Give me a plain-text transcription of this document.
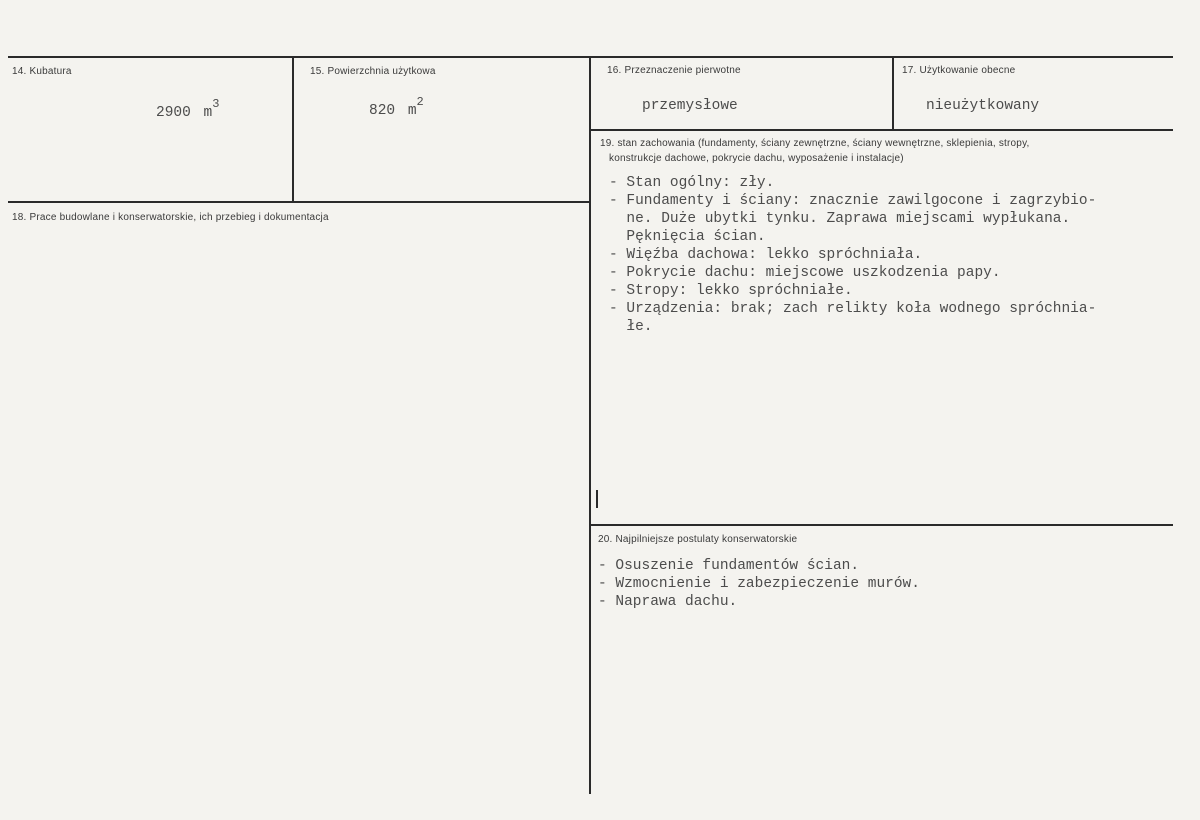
14. Kubatura
2900 $m^3$
15. Powierzchnia użytkowa
820 $m^2$
16. Przeznaczenie pierwotne
przemysłowe
17. Użytkowanie obecne
nieużytkowany
18. Prace budowlane i konserwatorskie, ich przebieg i dokumentacja
19. stan zachowania (fundamenty, ściany zewnętrzne, ściany wewnętrzne, sklepienia, stropy,
konstrukcje dachowe, pokrycie dachu, wyposażenie i instalacje)
- Stan ogólny: zły.
- Fundamenty i ściany: znacznie zawilgocone i zagrzybio-
ne. Duże ubytki tynku. Zaprawa miejscami wypłukana.
Pęknięcia ścian.
- Więźba dachowa: lekko spróchniała.
- Pokrycie dachu: miejscowe uszkodzenia papy.
- Stropy: lekko spróchniałe.
- Urządzenia: brak; zach relikty koła wodnego spróchnia-
łe.
20. Najpilniejsze postulaty konserwatorskie
- Osuszenie fundamentów ścian.
- Wzmocnienie i zabezpieczenie murów.
- Naprawa dachu.
